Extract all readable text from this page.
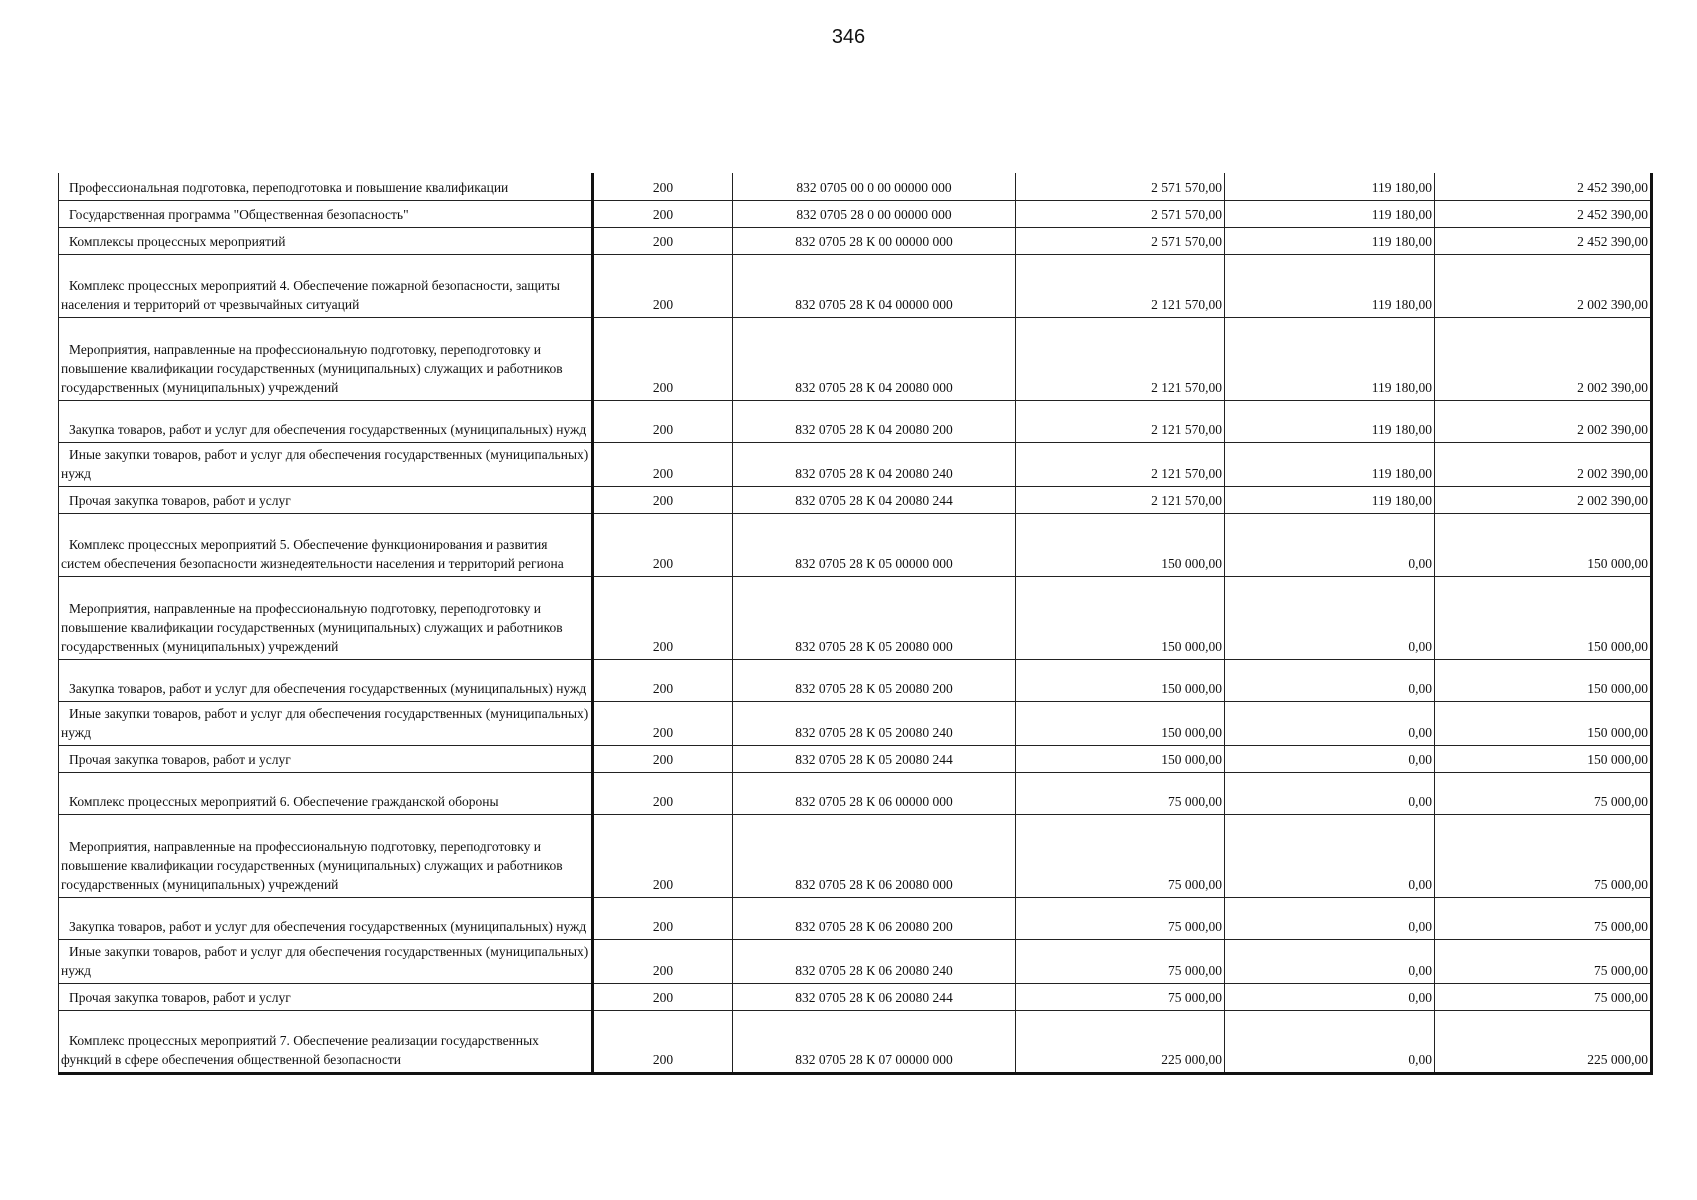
346
Профессиональная подготовка, переподготовка и повышение квалификации	200	832 0705 00 0 00 00000 000	2 571 570,00	119 180,00	2 452 390,00

Государственная программа "Общественная безопасность"	200	832 0705 28 0 00 00000 000	2 571 570,00	119 180,00	2 452 390,00

Комплексы процессных мероприятий	200	832 0705 28 К 00 00000 000	2 571 570,00	119 180,00	2 452 390,00

Комплекс процессных мероприятий 4. Обеспечение пожарной безопасности, защиты населения и территорий от чрезвычайных ситуаций	200	832 0705 28 К 04 00000 000	2 121 570,00	119 180,00	2 002 390,00

Мероприятия, направленные на профессиональную подготовку, переподготовку и повышение квалификации государственных (муниципальных) служащих и работников государственных (муниципальных) учреждений	200	832 0705 28 К 04 20080 000	2 121 570,00	119 180,00	2 002 390,00

Закупка товаров, работ и услуг для обеспечения государственных (муниципальных) нужд	200	832 0705 28 К 04 20080 200	2 121 570,00	119 180,00	2 002 390,00

Иные закупки товаров, работ и услуг для обеспечения государственных (муниципальных) нужд	200	832 0705 28 К 04 20080 240	2 121 570,00	119 180,00	2 002 390,00

Прочая закупка товаров, работ и услуг	200	832 0705 28 К 04 20080 244	2 121 570,00	119 180,00	2 002 390,00

Комплекс процессных мероприятий 5. Обеспечение функционирования и развития систем обеспечения безопасности жизнедеятельности населения и территорий региона	200	832 0705 28 К 05 00000 000	150 000,00	0,00	150 000,00

Мероприятия, направленные на профессиональную подготовку, переподготовку и повышение квалификации государственных (муниципальных) служащих и работников государственных (муниципальных) учреждений	200	832 0705 28 К 05 20080 000	150 000,00	0,00	150 000,00

Закупка товаров, работ и услуг для обеспечения государственных (муниципальных) нужд	200	832 0705 28 К 05 20080 200	150 000,00	0,00	150 000,00

Иные закупки товаров, работ и услуг для обеспечения государственных (муниципальных) нужд	200	832 0705 28 К 05 20080 240	150 000,00	0,00	150 000,00

Прочая закупка товаров, работ и услуг	200	832 0705 28 К 05 20080 244	150 000,00	0,00	150 000,00

Комплекс процессных мероприятий 6. Обеспечение гражданской обороны	200	832 0705 28 К 06 00000 000	75 000,00	0,00	75 000,00

Мероприятия, направленные на профессиональную подготовку, переподготовку и повышение квалификации государственных (муниципальных) служащих и работников государственных (муниципальных) учреждений	200	832 0705 28 К 06 20080 000	75 000,00	0,00	75 000,00

Закупка товаров, работ и услуг для обеспечения государственных (муниципальных) нужд	200	832 0705 28 К 06 20080 200	75 000,00	0,00	75 000,00

Иные закупки товаров, работ и услуг для обеспечения государственных (муниципальных) нужд	200	832 0705 28 К 06 20080 240	75 000,00	0,00	75 000,00

Прочая закупка товаров, работ и услуг	200	832 0705 28 К 06 20080 244	75 000,00	0,00	75 000,00

Комплекс процессных мероприятий 7. Обеспечение реализации государственных функций в сфере обеспечения общественной безопасности	200	832 0705 28 К 07 00000 000	225 000,00	0,00	225 000,00
